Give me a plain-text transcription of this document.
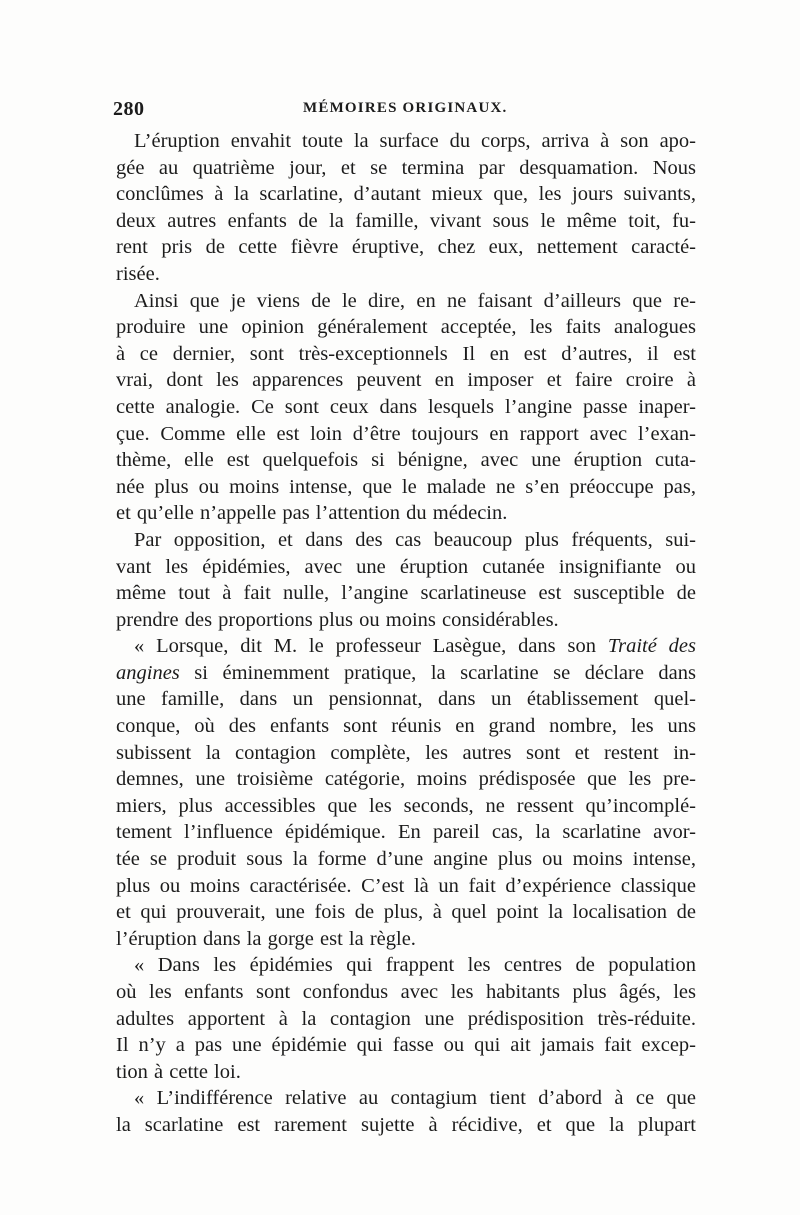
280	MÉMOIRES ORIGINAUX.
L’éruption envahit toute la surface du corps, arriva à son apo-
gée au quatrième jour, et se termina par desquamation. Nous
conclûmes à la scarlatine, d’autant mieux que, les jours suivants,
deux autres enfants de la famille, vivant sous le même toit, fu-
rent pris de cette fièvre éruptive, chez eux, nettement caracté-
risée.
Ainsi que je viens de le dire, en ne faisant d’ailleurs que re-
produire une opinion généralement acceptée, les faits analogues
à ce dernier, sont très-exceptionnels Il en est d’autres, il est
vrai, dont les apparences peuvent en imposer et faire croire à
cette analogie. Ce sont ceux dans lesquels l’angine passe inaper-
çue. Comme elle est loin d’être toujours en rapport avec l’exan-
thème, elle est quelquefois si bénigne, avec une éruption cuta-
née plus ou moins intense, que le malade ne s’en préoccupe pas,
et qu’elle n’appelle pas l’attention du médecin.
Par opposition, et dans des cas beaucoup plus fréquents, sui-
vant les épidémies, avec une éruption cutanée insignifiante ou
même tout à fait nulle, l’angine scarlatineuse est susceptible de
prendre des proportions plus ou moins considérables.
« Lorsque, dit M. le professeur Lasègue, dans son Traité des
angines si éminemment pratique, la scarlatine se déclare dans
une famille, dans un pensionnat, dans un établissement quel-
conque, où des enfants sont réunis en grand nombre, les uns
subissent la contagion complète, les autres sont et restent in-
demnes, une troisième catégorie, moins prédisposée que les pre-
miers, plus accessibles que les seconds, ne ressent qu’incomplé-
tement l’influence épidémique. En pareil cas, la scarlatine avor-
tée se produit sous la forme d’une angine plus ou moins intense,
plus ou moins caractérisée. C’est là un fait d’expérience classique
et qui prouverait, une fois de plus, à quel point la localisation de
l’éruption dans la gorge est la règle.
« Dans les épidémies qui frappent les centres de population
où les enfants sont confondus avec les habitants plus âgés, les
adultes apportent à la contagion une prédisposition très-réduite.
Il n’y a pas une épidémie qui fasse ou qui ait jamais fait excep-
tion à cette loi.
« L’indifférence relative au contagium tient d’abord à ce que
la scarlatine est rarement sujette à récidive, et que la plupart
